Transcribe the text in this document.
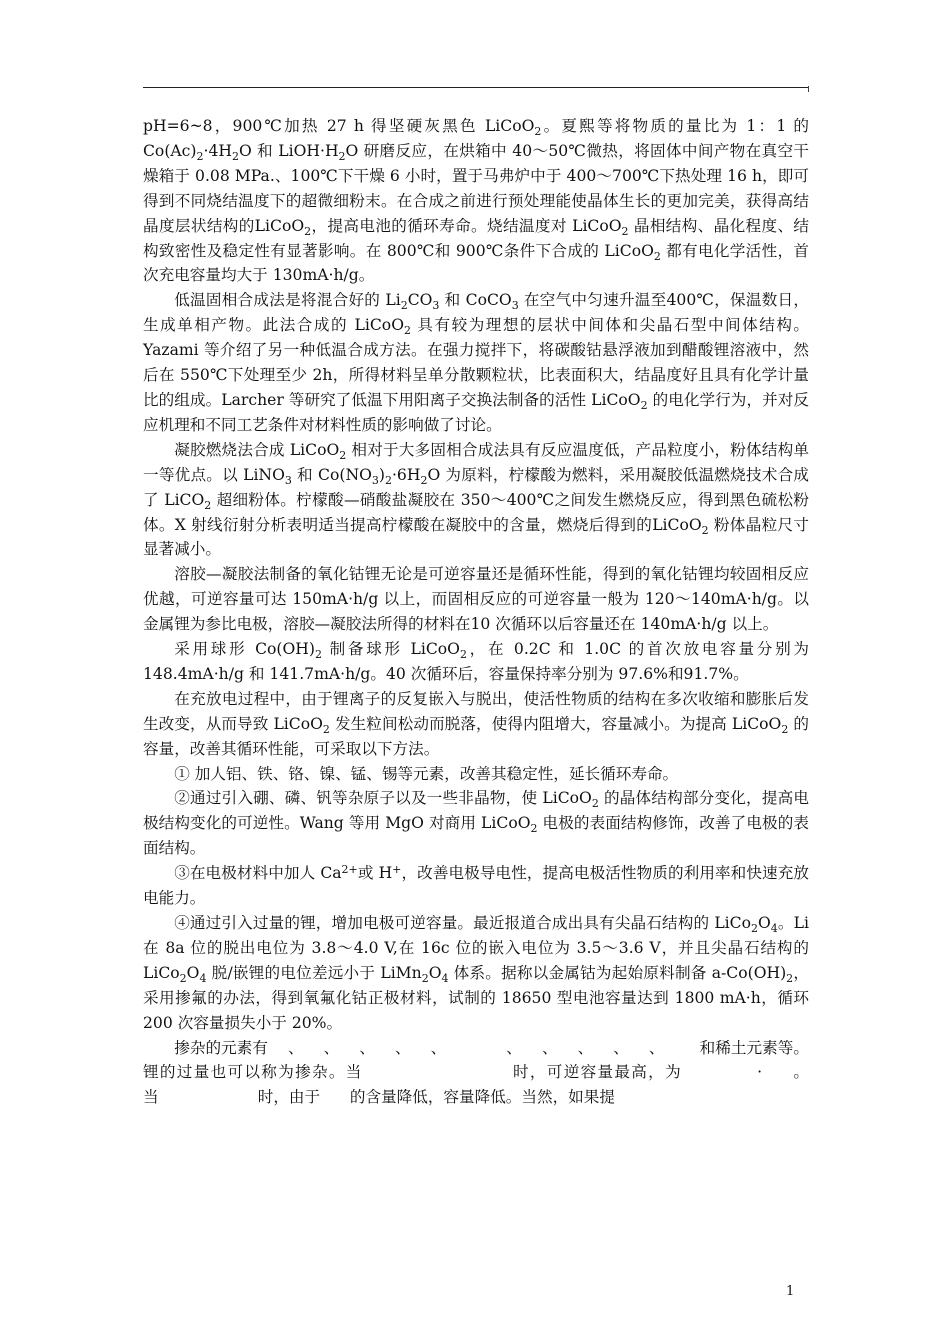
pH=6~8，900℃加热 27 h 得坚硬灰黑色 LiCoO$_2$。夏熙等将物质的量比为 1：1 的$Co(Ac)_2\cdot 4H_2O$ 和 $LiOH\cdot H_2O$ 研磨反应，在烘箱中 40～50℃微热，将固体中间产物在真空干燥箱于 0.08 MPa.、100℃下干燥 6 小时，置于马弗炉中于 400～700℃下热处理 16 h，即可得到不同烧结温度下的超微细粉末。在合成之前进行预处理能使晶体生长的更加完美，获得高结晶度层状结构的LiCoO$_2$，提高电池的循环寿命。烧结温度对 LiCoO$_2$ 晶相结构、晶化程度、结构致密性及稳定性有显著影响。在 800℃和 900℃条件下合成的 LiCoO$_2$ 都有电化学活性，首次充电容量均大于 130mA·h/g。

低温固相合成法是将混合好的 $Li_2CO_3$ 和 CoCO$_3$ 在空气中匀速升温至400℃，保温数日，生成单相产物。此法合成的 LiCoO$_2$ 具有较为理想的层状中间体和尖晶石型中间体结构。Yazami 等介绍了另一种低温合成方法。在强力搅拌下，将碳酸钴悬浮液加到醋酸锂溶液中，然后在 550℃下处理至少 2h，所得材料呈单分散颗粒状，比表面积大，结晶度好且具有化学计量比的组成。Larcher 等研究了低温下用阳离子交换法制备的活性 LiCoO$_2$ 的电化学行为，并对反应机理和不同工艺条件对材料性质的影响做了讨论。

凝胶燃烧法合成 LiCoO$_2$ 相对于大多固相合成法具有反应温度低，产品粒度小，粉体结构单一等优点。以 LiNO$_3$ 和 $Co(NO_3)_2\cdot 6H_2O$ 为原料，柠檬酸为燃料，采用凝胶低温燃烧技术合成了 LiCO$_2$ 超细粉体。柠檬酸—硝酸盐凝胶在 350～400℃之间发生燃烧反应，得到黑色硫松粉体。X 射线衍射分析表明适当提高柠檬酸在凝胶中的含量，燃烧后得到的LiCoO$_2$ 粉体晶粒尺寸显著减小。

溶胶—凝胶法制备的氧化钴锂无论是可逆容量还是循环性能，得到的氧化钴锂均较固相反应优越，可逆容量可达 150mA·h/g 以上，而固相反应的可逆容量一般为 120～140mA·h/g。以金属锂为参比电极，溶胶—凝胶法所得的材料在10 次循环以后容量还在 140mA·h/g 以上。

采用球形 $Co(OH)_2$ 制备球形 LiCoO$_2$，在 0.2C 和 1.0C 的首次放电容量分别为 148.4mA·h/g 和 141.7mA·h/g。40 次循环后，容量保持率分别为 97.6%和91.7%。

在充放电过程中，由于锂离子的反复嵌入与脱出，使活性物质的结构在多次收缩和膨胀后发生改变，从而导致 LiCoO$_2$ 发生粒间松动而脱落，使得内阻增大，容量减小。为提高 LiCoO$_2$ 的容量，改善其循环性能，可采取以下方法。

① 加人铝、铁、铬、镍、锰、锡等元素，改善其稳定性，延长循环寿命。

②通过引入硼、磷、钒等杂原子以及一些非晶物，使 LiCoO$_2$ 的晶体结构部分变化，提高电极结构变化的可逆性。Wang 等用 MgO 对商用 LiCoO$_2$ 电极的表面结构修饰，改善了电极的表面结构。

③在电极材料中加人 $Ca^{2+}$或 H+，改善电极导电性，提高电极活性物质的利用率和快速充放电能力。

④通过引入过量的锂，增加电极可逆容量。最近报道合成出具有尖晶石结构的 $LiCo_2O_4$。Li 在 8a 位的脱出电位为 3.8～4.0 V,在 16c 位的嵌入电位为 3.5～3.6 V，并且尖晶石结构的 $LiCo_2O_4$ 脱/嵌锂的电位差远小于 $LiMn_2O_4$ 体系。据称以金属钴为起始原料制备 $a-Co(OH)_2$，采用掺氟的办法，得到氧氟化钴正极材料，试制的 18650 型电池容量达到 1800 mA·h，循环 200 次容量损失小于 20%。

掺杂的元素有    、    、    、    、    、            、    、    、    、    、       和稀土元素等。锂的过量也可以称为掺杂。当                        时，可逆容量最高，为            ·     。当                    时，由于      的含量降低，容量降低。当然，如果提

1
